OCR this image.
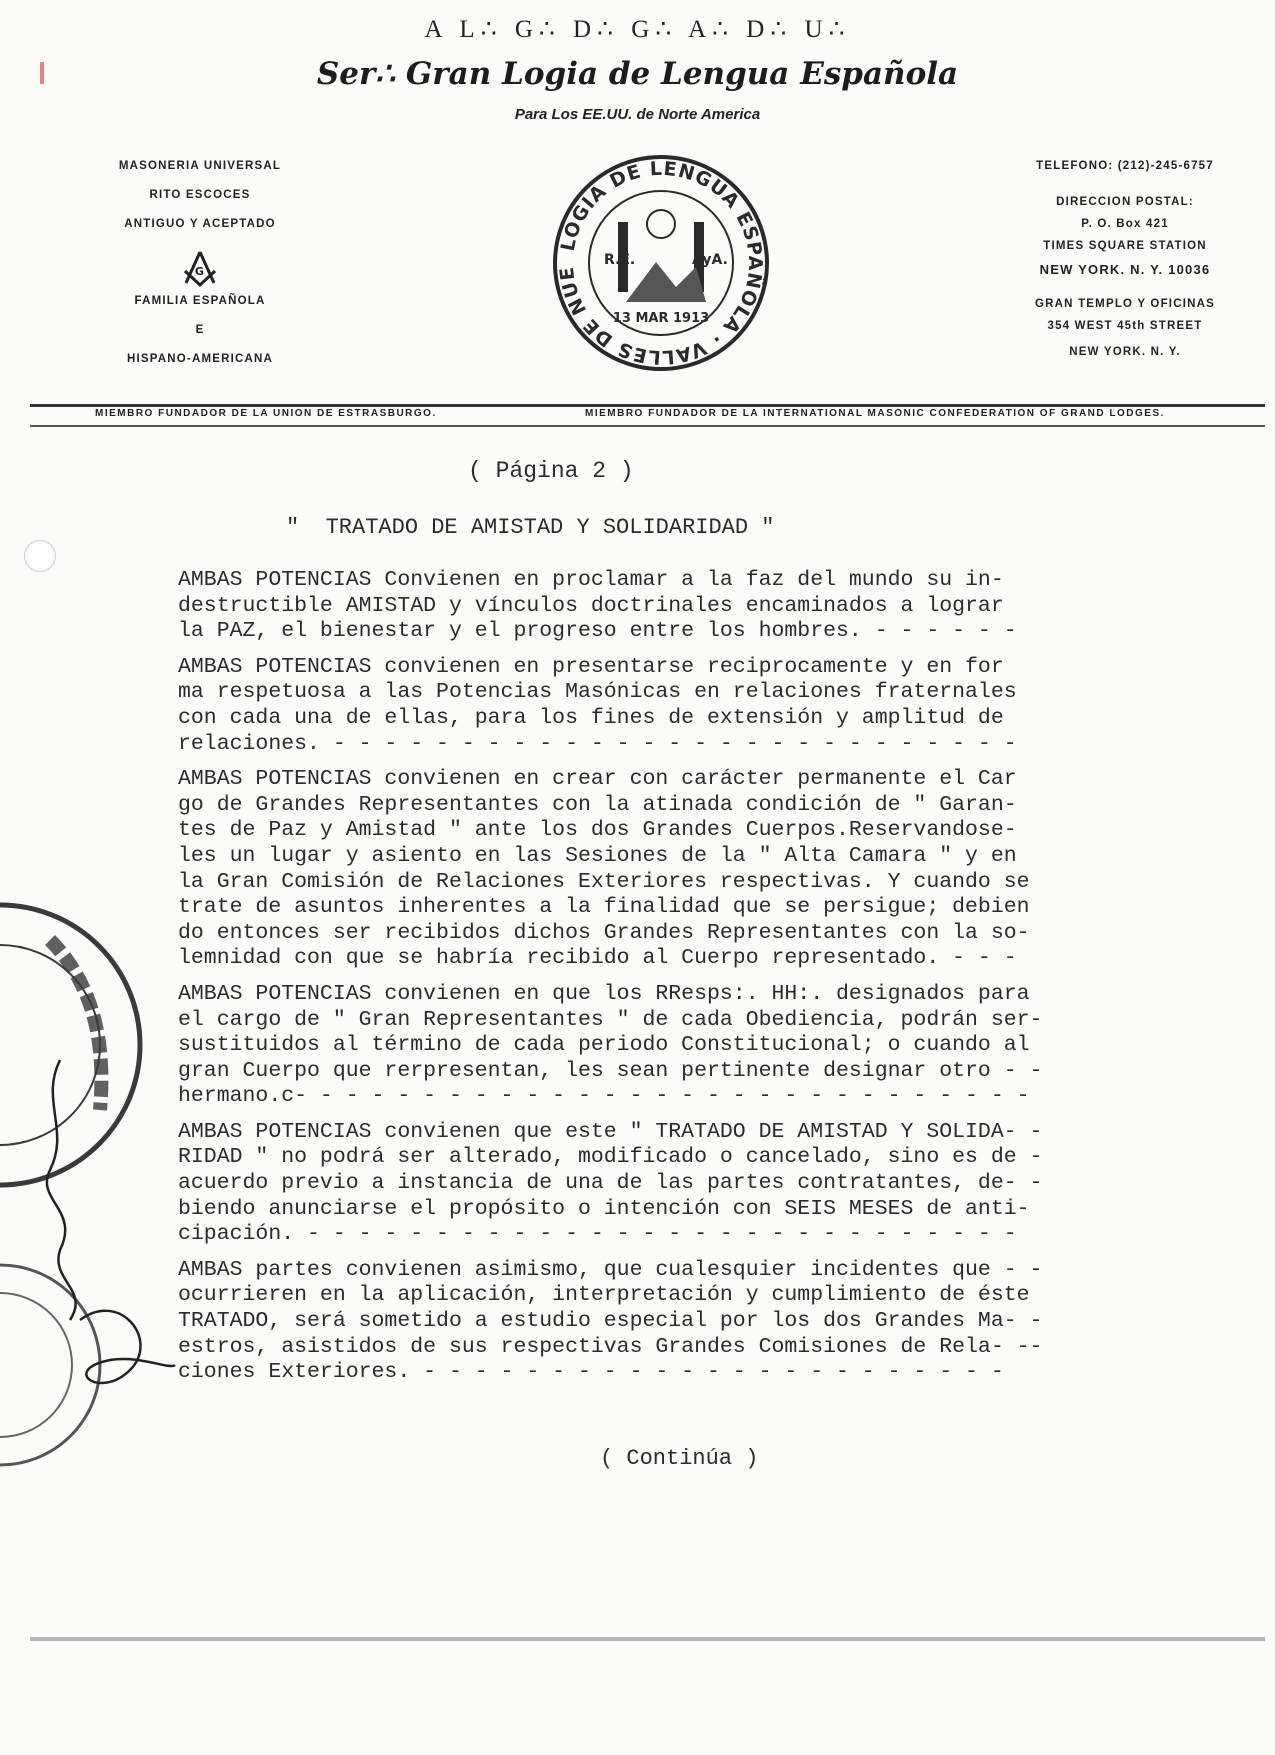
A L∴ G∴ D∴ G∴ A∴ D∴ U∴
Ser∴ Gran Logia de Lengua Española
Para Los EE.UU. de Norte America
MASONERIA UNIVERSAL
RITO ESCOCES
ANTIGUO Y ACEPTADO
G
FAMILIA ESPAÑOLA
E
HISPANO-AMERICANA
LOGIA DE LENGUA ESPAÑOLA · VALLES DE NUE
R.E.	AyA.
13 MAR 1913
TELEFONO: (212)-245-6757
DIRECCION POSTAL:
P. O. Box 421
TIMES SQUARE STATION
NEW YORK. N. Y. 10036
GRAN TEMPLO Y OFICINAS
354 WEST 45th STREET
NEW YORK. N. Y.
MIEMBRO FUNDADOR DE LA UNION DE ESTRASBURGO.	MIEMBRO FUNDADOR DE LA INTERNATIONAL MASONIC CONFEDERATION OF GRAND LODGES.
( Página 2 )
"  TRATADO DE AMISTAD Y SOLIDARIDAD "
AMBAS POTENCIAS Convienen en proclamar a la faz del mundo su in-
destructible AMISTAD y vínculos doctrinales encaminados a lograr
la PAZ, el bienestar y el progreso entre los hombres. - - - - - -
AMBAS POTENCIAS convienen en presentarse reciprocamente y en for
ma respetuosa a las Potencias Masónicas en relaciones fraternales
con cada una de ellas, para los fines de extensión y amplitud de
relaciones. - - - - - - - - - - - - - - - - - - - - - - - - - - -
AMBAS POTENCIAS convienen en crear con carácter permanente el Car
go de Grandes Representantes con la atinada condición de " Garan-
tes de Paz y Amistad " ante los dos Grandes Cuerpos.Reservandose-
les un lugar y asiento en las Sesiones de la " Alta Camara " y en
la Gran Comisión de Relaciones Exteriores respectivas. Y cuando se
trate de asuntos inherentes a la finalidad que se persigue; debien
do entonces ser recibidos dichos Grandes Representantes con la so-
lemnidad con que se habría recibido al Cuerpo representado. - - -
AMBAS POTENCIAS convienen en que los RResps:. HH:. designados para
el cargo de " Gran Representantes " de cada Obediencia, podrán ser-
sustituidos al término de cada periodo Constitucional; o cuando al
gran Cuerpo que rerpresentan, les sean pertinente designar otro - -
hermano.c- - - - - - - - - - - - - - - - - - - - - - - - - - - - -
AMBAS POTENCIAS convienen que este " TRATADO DE AMISTAD Y SOLIDA- -
RIDAD " no podrá ser alterado, modificado o cancelado, sino es de -
acuerdo previo a instancia de una de las partes contratantes, de- -
biendo anunciarse el propósito o intención con SEIS MESES de anti-
cipación. - - - - - - - - - - - - - - - - - - - - - - - - - - - -
AMBAS partes convienen asimismo, que cualesquier incidentes que - -
ocurrieren en la aplicación, interpretación y cumplimiento de éste
TRATADO, será sometido a estudio especial por los dos Grandes Ma- -
estros, asistidos de sus respectivas Grandes Comisiones de Rela- --
ciones Exteriores. - - - - - - - - - - - - - - - - - - - - - - -
( Continúa )
